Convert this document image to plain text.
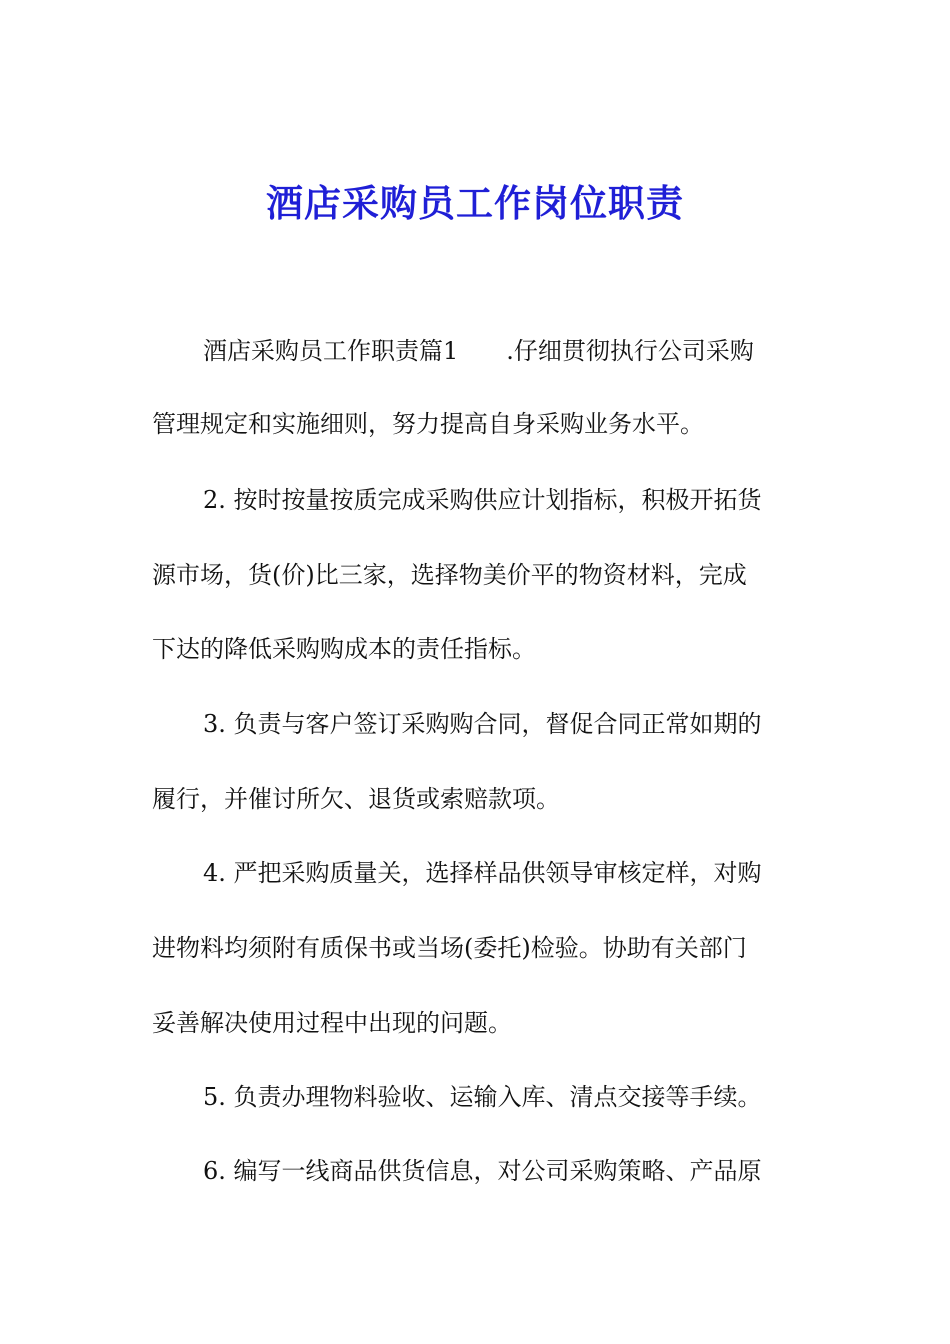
酒店采购员工作岗位职责
酒店采购员工作职责篇1　　.仔细贯彻执行公司采购
管理规定和实施细则，努力提高自身采购业务水平。
2. 按时按量按质完成采购供应计划指标，积极开拓货
源市场，货(价)比三家，选择物美价平的物资材料，完成
下达的降低采购购成本的责任指标。
3. 负责与客户签订采购购合同，督促合同正常如期的
履行，并催讨所欠、退货或索赔款项。
4. 严把采购质量关，选择样品供领导审核定样，对购
进物料均须附有质保书或当场(委托)检验。协助有关部门
妥善解决使用过程中出现的问题。
5. 负责办理物料验收、运输入库、清点交接等手续。
6. 编写一线商品供货信息，对公司采购策略、产品原
